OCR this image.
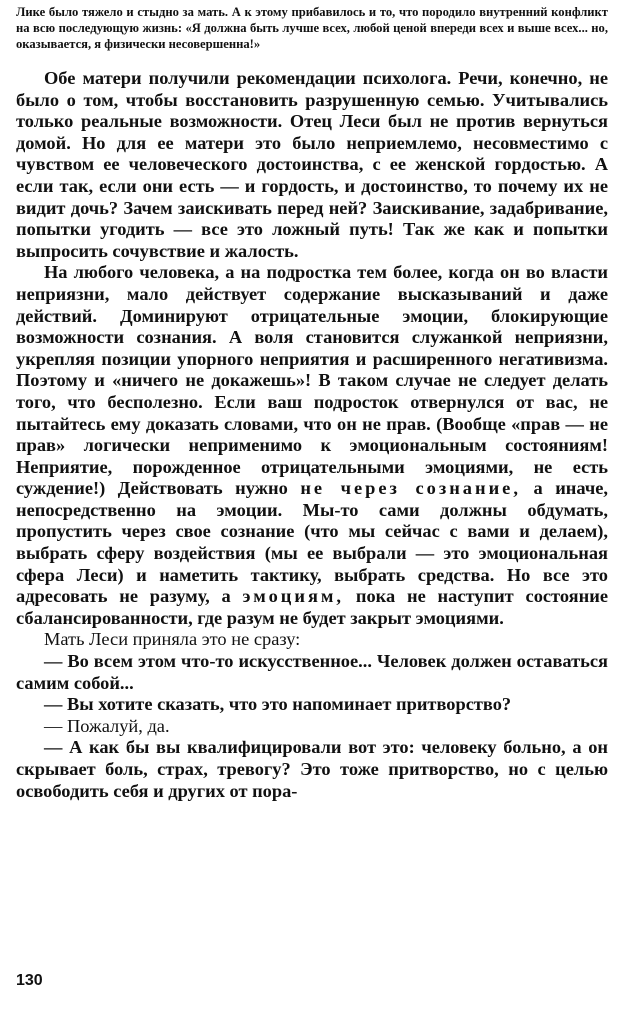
Лике было тяжело и стыдно за мать. А к этому прибавилось и то, что породило внутренний конфликт на всю последующую жизнь: «Я должна быть лучше всех, любой ценой впереди всех и выше всех... но, оказывается, я физически несовершенна!»

Обе матери получили рекомендации психолога. Речи, конечно, не было о том, чтобы восстановить разрушенную семью. Учитывались только реальные возможности. Отец Леси был не против вернуться домой. Но для ее матери это было неприемлемо, несовместимо с чувством ее человеческого достоинства, с ее женской гордостью. А если так, если они есть — и гордость, и достоинство, то почему их не видит дочь? Зачем заискивать перед ней? Заискивание, задабривание, попытки угодить — все это ложный путь! Так же как и попытки выпросить сочувствие и жалость.

На любого человека, а на подростка тем более, когда он во власти неприязни, мало действует содержание высказываний и даже действий. Доминируют отрицательные эмоции, блокирующие возможности сознания. А воля становится служанкой неприязни, укрепляя позиции упорного неприятия и расширенного негативизма. Поэтому и «ничего не докажешь»! В таком случае не следует делать того, что бесполезно. Если ваш подросток отвернулся от вас, не пытайтесь ему доказать словами, что он не прав. (Вообще «прав — не прав» логически неприменимо к эмоциональным состояниям! Неприятие, порожденное отрицательными эмоциями, не есть суждение!) Действовать нужно не через сознание, а иначе, непосредственно на эмоции. Мы-то сами должны обдумать, пропустить через свое сознание (что мы сейчас с вами и делаем), выбрать сферу воздействия (мы ее выбрали — это эмоциональная сфера Леси) и наметить тактику, выбрать средства. Но все это адресовать не разуму, а эмоциям, пока не наступит состояние сбалансированности, где разум не будет закрыт эмоциями.

Мать Леси приняла это не сразу:

— Во всем этом что-то искусственное... Человек должен оставаться самим собой...

— Вы хотите сказать, что это напоминает притворство?

— Пожалуй, да.

— А как бы вы квалифицировали вот это: человеку больно, а он скрывает боль, страх, тревогу? Это тоже притворство, но с целью освободить себя и других от пора-

130
